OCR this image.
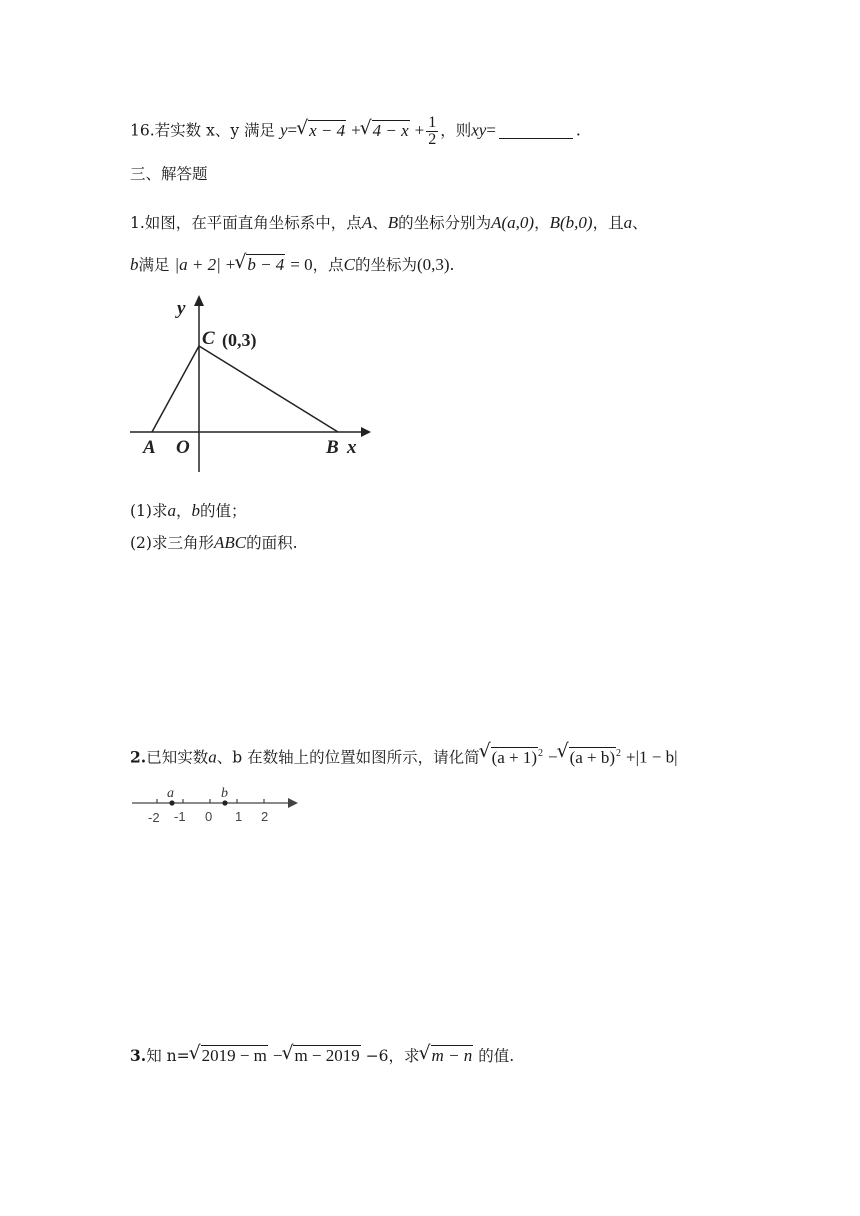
16.若实数 x、y 满足 y= √ x − 4 + √ $4 - x + \frac{1}{2}$ ，则xy=	.
三、解答题
1.如图，在平面直角坐标系中，点A、B的坐标分别为A(a,0)，B(b,0)，且a、
b满足 |a + 2| + √ b − 4 = 0，点C的坐标为(0,3).
y
C
A O	B x
(0,3)
(1)求a，b的值；
(2)求三角形ABC的面积.
2.已知实数a、b 在数轴上的位置如图所示，请化简 √ $(a + 1)^2$ − √ $(a + b)^2 +|1 - b|$
a	b
-2 -1 0 1 2
3.知 n= √ 2019 − m − √ m − 2019 −6，求 √ m − n 的值.
